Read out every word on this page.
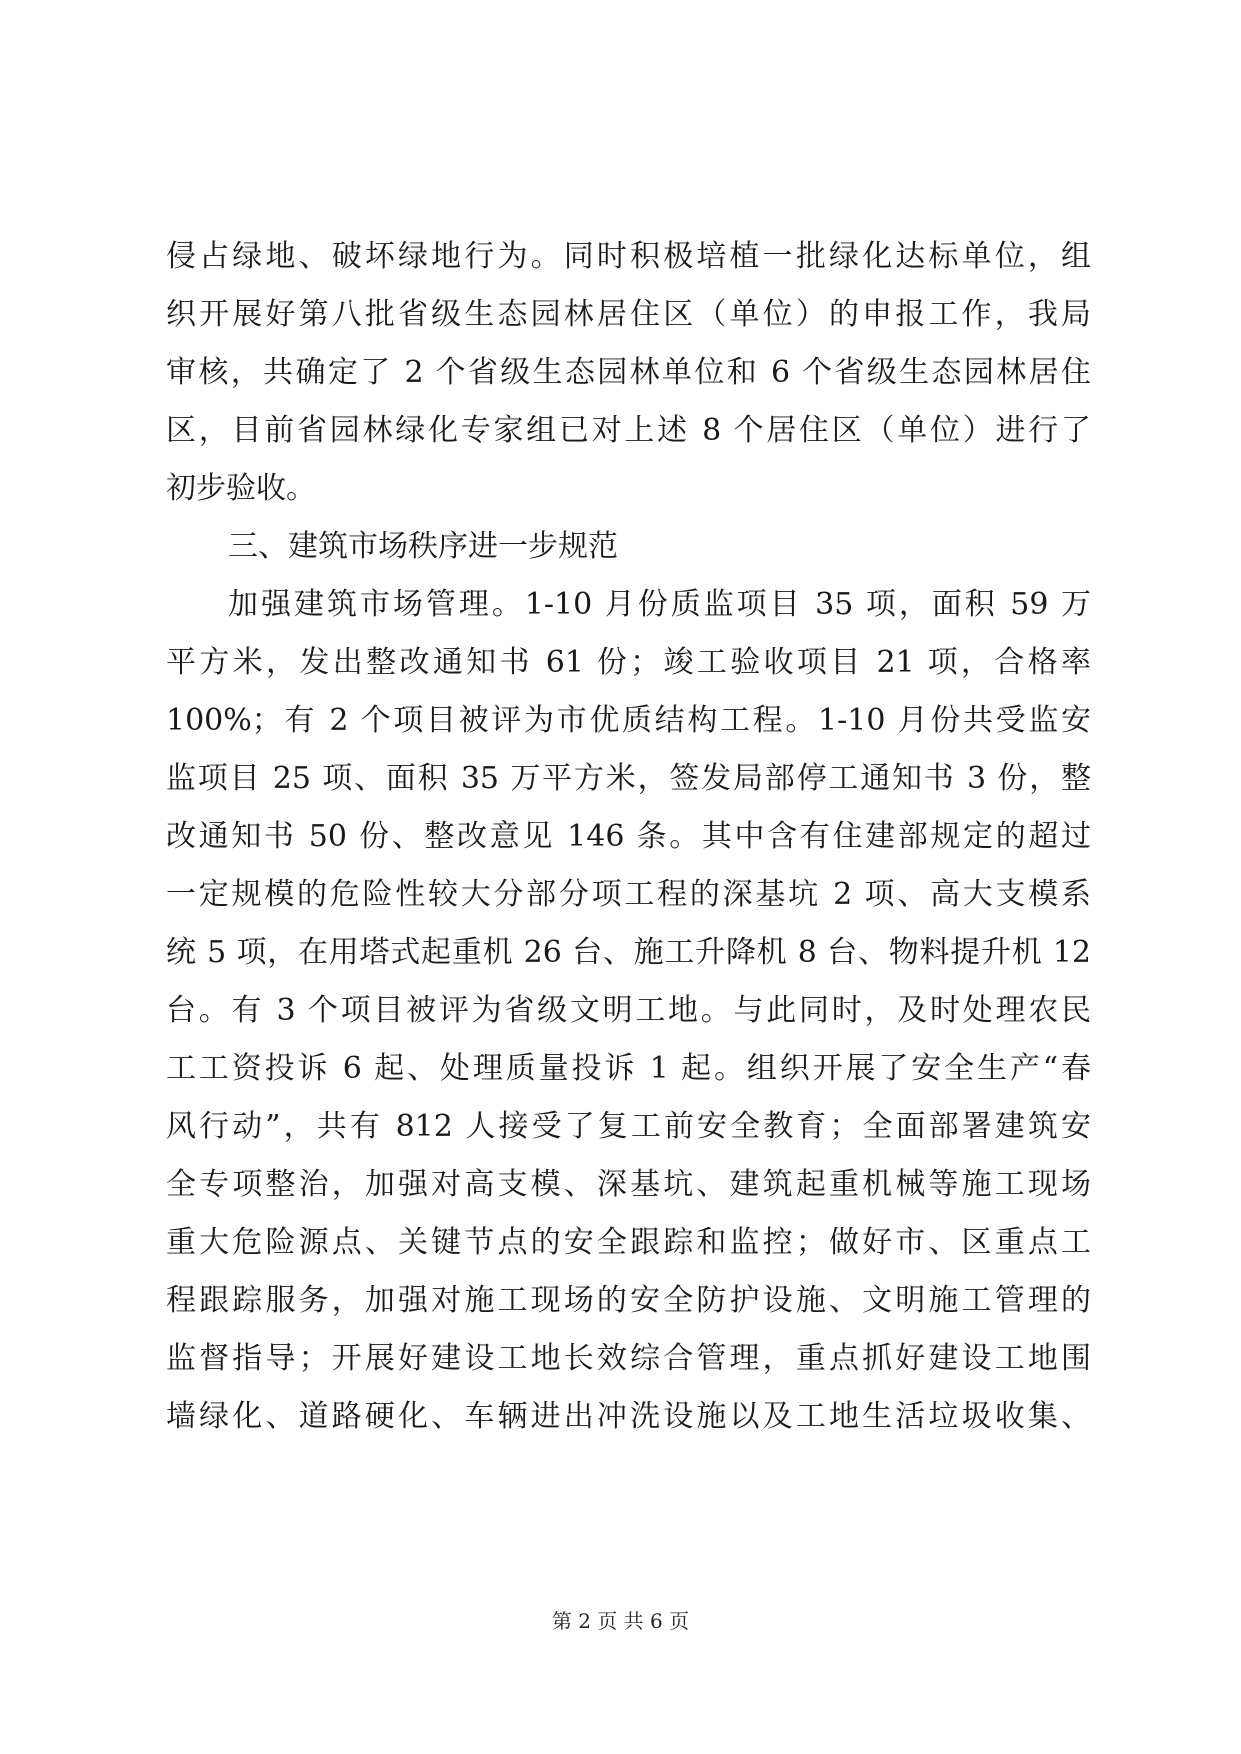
侵占绿地、破坏绿地行为。同时积极培植一批绿化达标单位，组
织开展好第八批省级生态园林居住区（单位）的申报工作，我局
审核，共确定了 2 个省级生态园林单位和 6 个省级生态园林居住
区，目前省园林绿化专家组已对上述 8 个居住区（单位）进行了
初步验收。
三、建筑市场秩序进一步规范
加强建筑市场管理。1-10 月份质监项目 35 项，面积 59 万
平方米，发出整改通知书 61 份；竣工验收项目 21 项，合格率
100%；有 2 个项目被评为市优质结构工程。1-10 月份共受监安
监项目 25 项、面积 35 万平方米，签发局部停工通知书 3 份，整
改通知书 50 份、整改意见 146 条。其中含有住建部规定的超过
一定规模的危险性较大分部分项工程的深基坑 2 项、高大支模系
统 5 项，在用塔式起重机 26 台、施工升降机 8 台、物料提升机 12
台。有 3 个项目被评为省级文明工地。与此同时，及时处理农民
工工资投诉 6 起、处理质量投诉 1 起。组织开展了安全生产“春
风行动”，共有 812 人接受了复工前安全教育；全面部署建筑安
全专项整治，加强对高支模、深基坑、建筑起重机械等施工现场
重大危险源点、关键节点的安全跟踪和监控；做好市、区重点工
程跟踪服务，加强对施工现场的安全防护设施、文明施工管理的
监督指导；开展好建设工地长效综合管理，重点抓好建设工地围
墙绿化、道路硬化、车辆进出冲洗设施以及工地生活垃圾收集、
第 2 页 共 6 页
